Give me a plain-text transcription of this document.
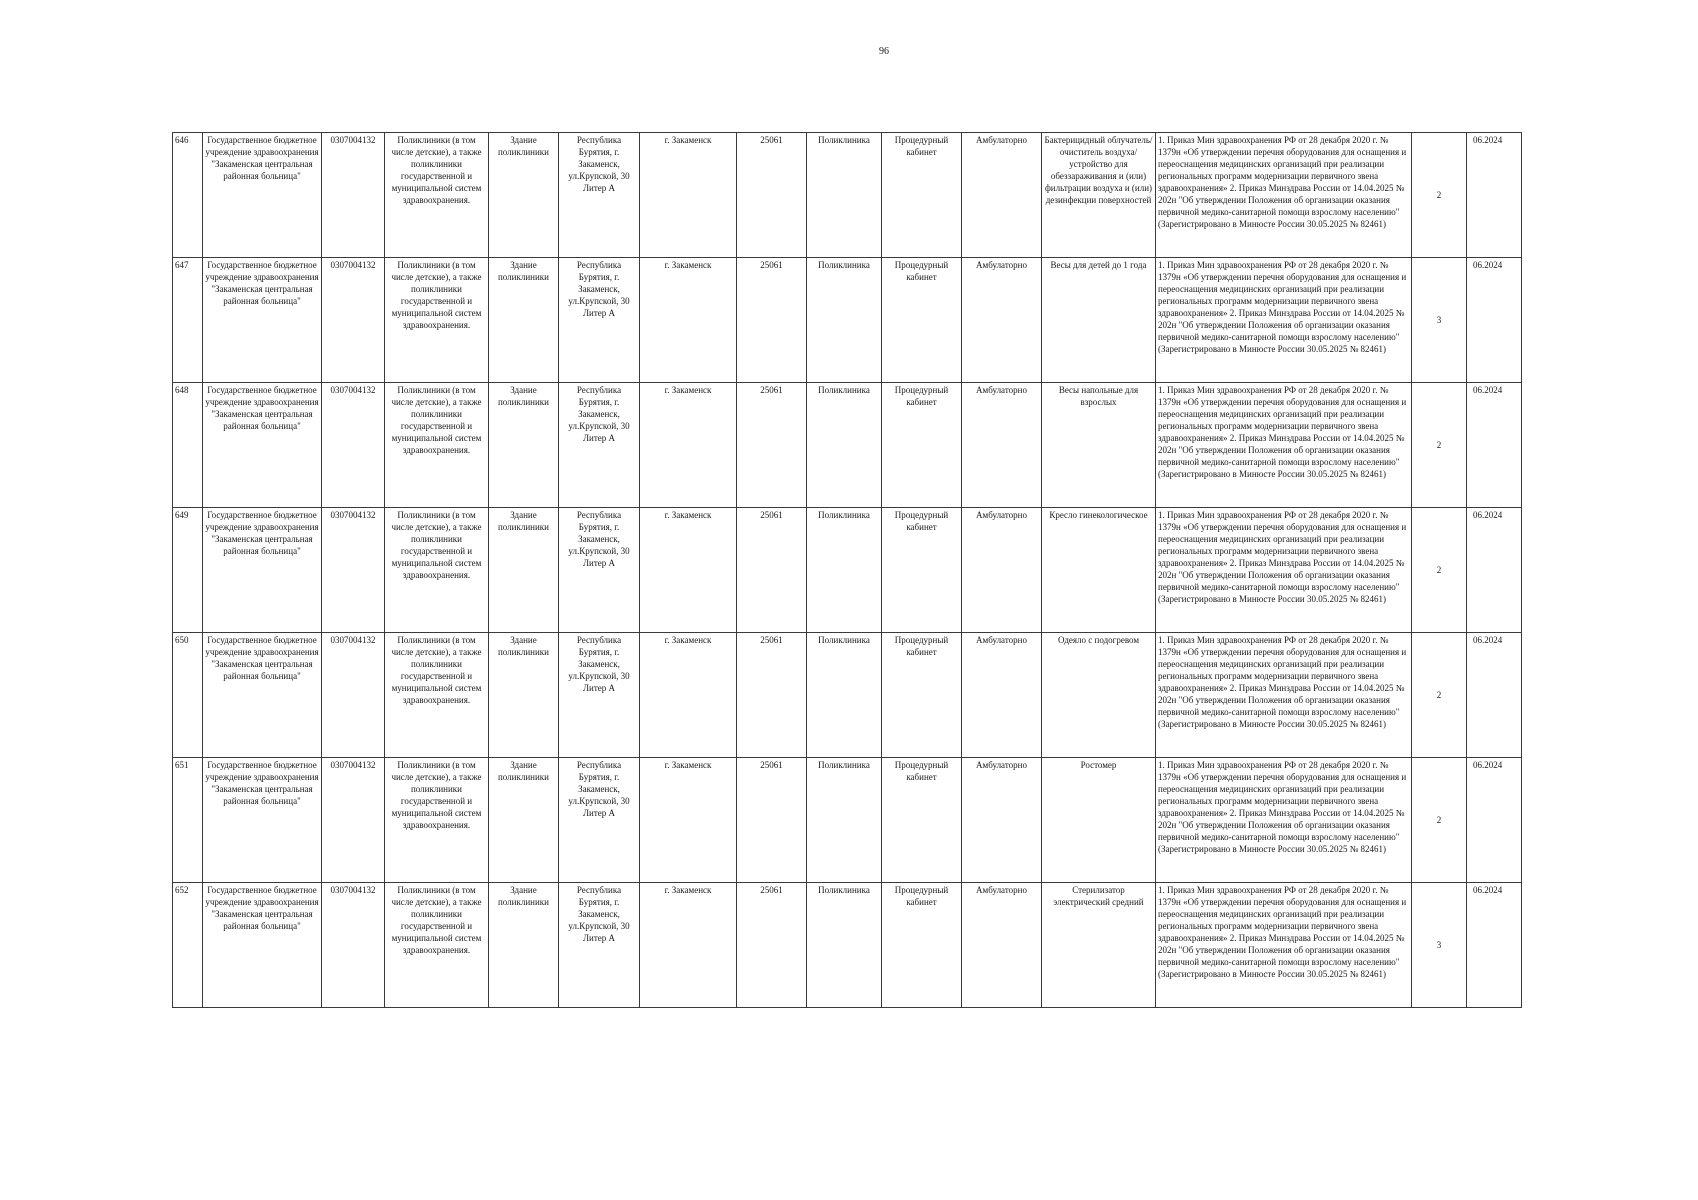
96
646	Государственное бюджетное учреждение здравоохранения "Закаменская центральная районная больница"	0307004132	Поликлиники (в том числе детские), а также поликлиники государственной и муниципальной систем здравоохранения.	Здание поликлиники	Республика Бурятия, г. Закаменск, ул.Крупской, 30 Литер А	г. Закаменск	25061	Поликлиника	Процедурный кабинет	Амбулаторно	Бактерицидный облучатель/очиститель воздуха/устройство для обеззараживания и (или) фильтрации воздуха и (или) дезинфекции поверхностей	1. Приказ Мин здравоохранения РФ от 28 декабря 2020 г. № 1379н «Об утверждении перечня оборудования для оснащения и переоснащения медицинских организаций при реализации региональных программ модернизации первичного звена здравоохранения» 2. Приказ Минздрава России от 14.04.2025 № 202н "Об утверждении Положения об организации оказания первичной медико-санитарной помощи взрослому населению" (Зарегистрировано в Минюсте России 30.05.2025 № 82461)	2	06.2024
647	Государственное бюджетное учреждение здравоохранения "Закаменская центральная районная больница"	0307004132	Поликлиники (в том числе детские), а также поликлиники государственной и муниципальной систем здравоохранения.	Здание поликлиники	Республика Бурятия, г. Закаменск, ул.Крупской, 30 Литер А	г. Закаменск	25061	Поликлиника	Процедурный кабинет	Амбулаторно	Весы для детей до 1 года	1. Приказ Мин здравоохранения РФ от 28 декабря 2020 г. № 1379н «Об утверждении перечня оборудования для оснащения и переоснащения медицинских организаций при реализации региональных программ модернизации первичного звена здравоохранения» 2. Приказ Минздрава России от 14.04.2025 № 202н "Об утверждении Положения об организации оказания первичной медико-санитарной помощи взрослому населению" (Зарегистрировано в Минюсте России 30.05.2025 № 82461)	3	06.2024
648	Государственное бюджетное учреждение здравоохранения "Закаменская центральная районная больница"	0307004132	Поликлиники (в том числе детские), а также поликлиники государственной и муниципальной систем здравоохранения.	Здание поликлиники	Республика Бурятия, г. Закаменск, ул.Крупской, 30 Литер А	г. Закаменск	25061	Поликлиника	Процедурный кабинет	Амбулаторно	Весы напольные для взрослых	1. Приказ Мин здравоохранения РФ от 28 декабря 2020 г. № 1379н «Об утверждении перечня оборудования для оснащения и переоснащения медицинских организаций при реализации региональных программ модернизации первичного звена здравоохранения» 2. Приказ Минздрава России от 14.04.2025 № 202н "Об утверждении Положения об организации оказания первичной медико-санитарной помощи взрослому населению" (Зарегистрировано в Минюсте России 30.05.2025 № 82461)	2	06.2024
649	Государственное бюджетное учреждение здравоохранения "Закаменская центральная районная больница"	0307004132	Поликлиники (в том числе детские), а также поликлиники государственной и муниципальной систем здравоохранения.	Здание поликлиники	Республика Бурятия, г. Закаменск, ул.Крупской, 30 Литер А	г. Закаменск	25061	Поликлиника	Процедурный кабинет	Амбулаторно	Кресло гинекологическое	1. Приказ Мин здравоохранения РФ от 28 декабря 2020 г. № 1379н «Об утверждении перечня оборудования для оснащения и переоснащения медицинских организаций при реализации региональных программ модернизации первичного звена здравоохранения» 2. Приказ Минздрава России от 14.04.2025 № 202н "Об утверждении Положения об организации оказания первичной медико-санитарной помощи взрослому населению" (Зарегистрировано в Минюсте России 30.05.2025 № 82461)	2	06.2024
650	Государственное бюджетное учреждение здравоохранения "Закаменская центральная районная больница"	0307004132	Поликлиники (в том числе детские), а также поликлиники государственной и муниципальной систем здравоохранения.	Здание поликлиники	Республика Бурятия, г. Закаменск, ул.Крупской, 30 Литер А	г. Закаменск	25061	Поликлиника	Процедурный кабинет	Амбулаторно	Одеяло с подогревом	1. Приказ Мин здравоохранения РФ от 28 декабря 2020 г. № 1379н «Об утверждении перечня оборудования для оснащения и переоснащения медицинских организаций при реализации региональных программ модернизации первичного звена здравоохранения» 2. Приказ Минздрава России от 14.04.2025 № 202н "Об утверждении Положения об организации оказания первичной медико-санитарной помощи взрослому населению" (Зарегистрировано в Минюсте России 30.05.2025 № 82461)	2	06.2024
651	Государственное бюджетное учреждение здравоохранения "Закаменская центральная районная больница"	0307004132	Поликлиники (в том числе детские), а также поликлиники государственной и муниципальной систем здравоохранения.	Здание поликлиники	Республика Бурятия, г. Закаменск, ул.Крупской, 30 Литер А	г. Закаменск	25061	Поликлиника	Процедурный кабинет	Амбулаторно	Ростомер	1. Приказ Мин здравоохранения РФ от 28 декабря 2020 г. № 1379н «Об утверждении перечня оборудования для оснащения и переоснащения медицинских организаций при реализации региональных программ модернизации первичного звена здравоохранения» 2. Приказ Минздрава России от 14.04.2025 № 202н "Об утверждении Положения об организации оказания первичной медико-санитарной помощи взрослому населению" (Зарегистрировано в Минюсте России 30.05.2025 № 82461)	2	06.2024
652	Государственное бюджетное учреждение здравоохранения "Закаменская центральная районная больница"	0307004132	Поликлиники (в том числе детские), а также поликлиники государственной и муниципальной систем здравоохранения.	Здание поликлиники	Республика Бурятия, г. Закаменск, ул.Крупской, 30 Литер А	г. Закаменск	25061	Поликлиника	Процедурный кабинет	Амбулаторно	Стерилизатор электрический средний	1. Приказ Мин здравоохранения РФ от 28 декабря 2020 г. № 1379н «Об утверждении перечня оборудования для оснащения и переоснащения медицинских организаций при реализации региональных программ модернизации первичного звена здравоохранения» 2. Приказ Минздрава России от 14.04.2025 № 202н "Об утверждении Положения об организации оказания первичной медико-санитарной помощи взрослому населению" (Зарегистрировано в Минюсте России 30.05.2025 № 82461)	3	06.2024
